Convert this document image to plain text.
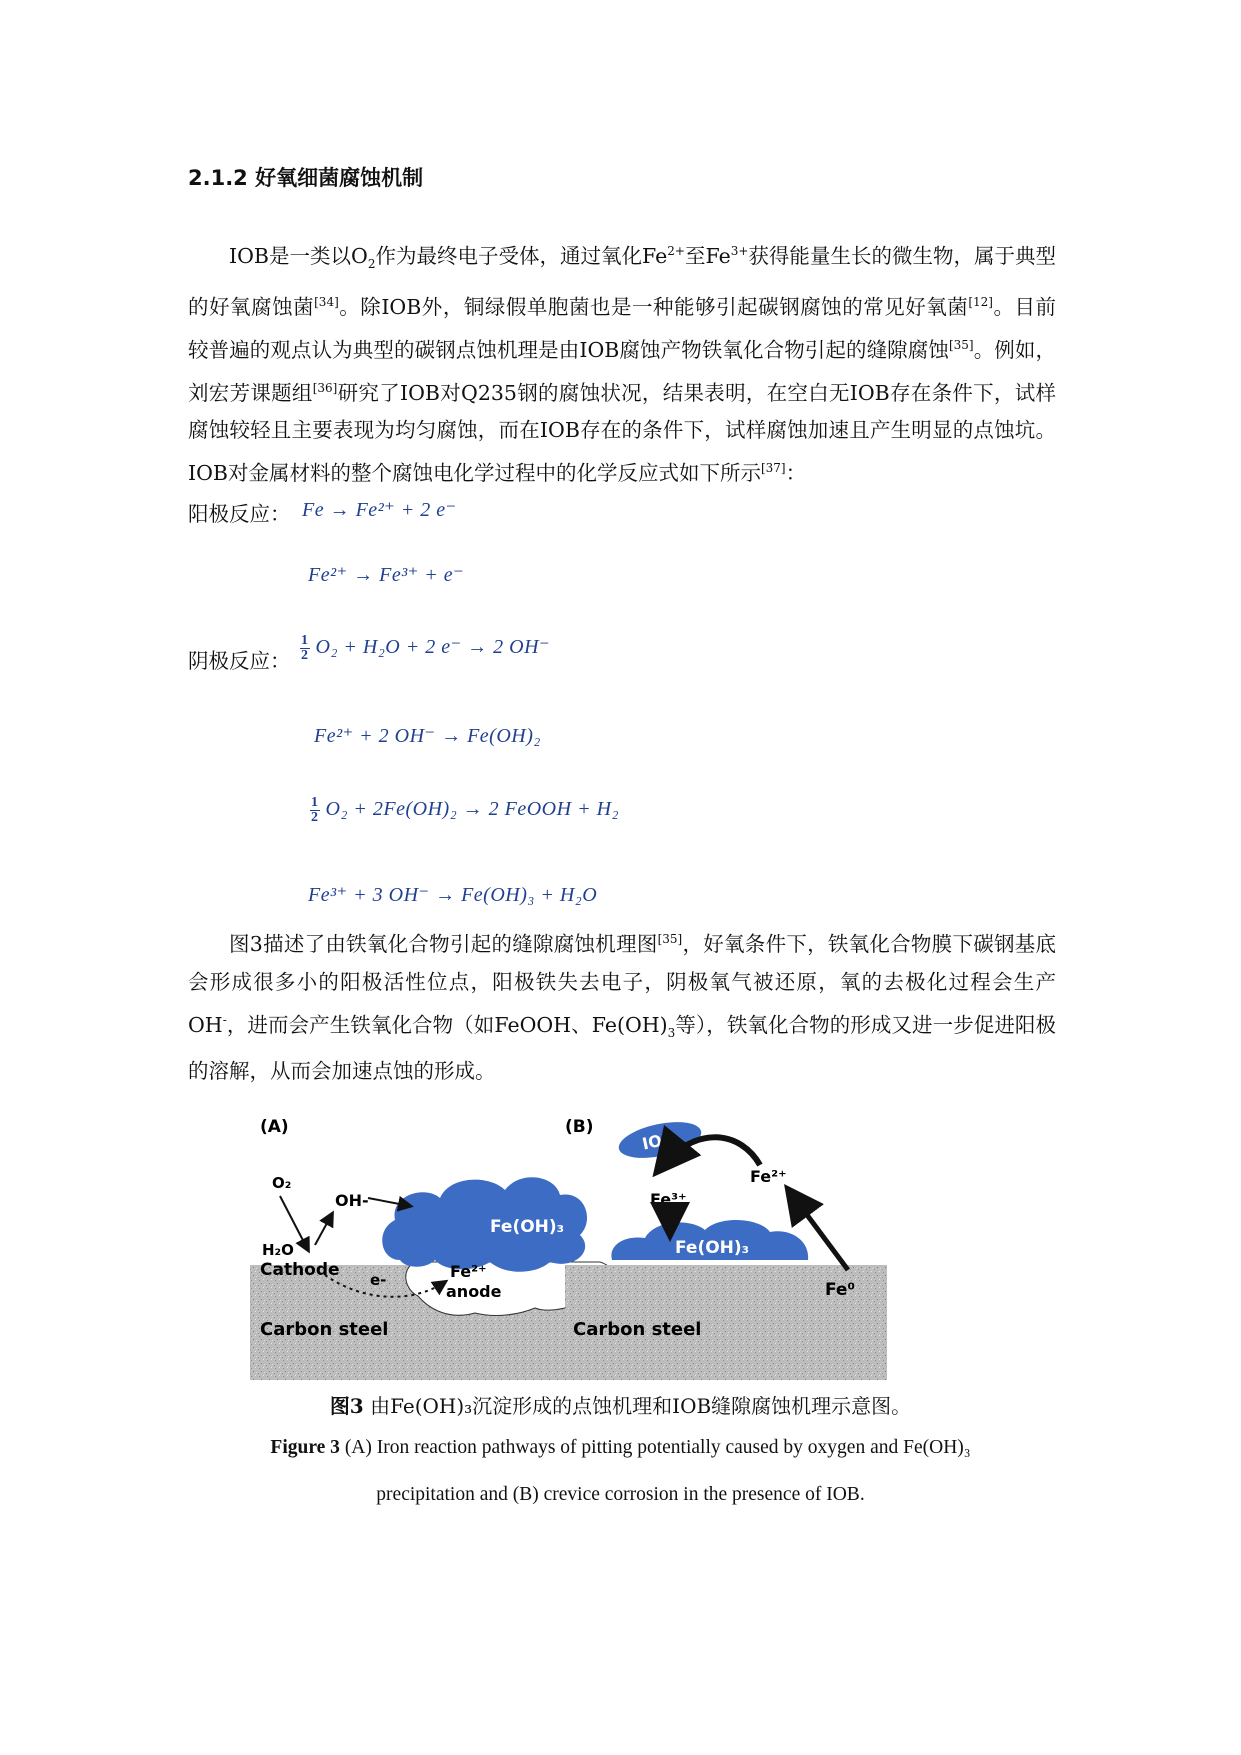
2.1.2 好氧细菌腐蚀机制
IOB是一类以$O_2$作为最终电子受体，通过氧化$Fe^{2+}$至$Fe^{3+}$获得能量生长的微生物，属于典型的好氧腐蚀菌[34]。除IOB外，铜绿假单胞菌也是一种能够引起碳钢腐蚀的常见好氧菌[12]。目前较普遍的观点认为典型的碳钢点蚀机理是由IOB腐蚀产物铁氧化合物引起的缝隙腐蚀[35]。例如，刘宏芳课题组[36]研究了IOB对Q235钢的腐蚀状况，结果表明，在空白无IOB存在条件下，试样腐蚀较轻且主要表现为均匀腐蚀，而在IOB存在的条件下，试样腐蚀加速且产生明显的点蚀坑。IOB对金属材料的整个腐蚀电化学过程中的化学反应式如下所示[37]：
阳极反应： Fe → Fe²⁺ + 2 e⁻
Fe²⁺ → Fe³⁺ + e⁻
阴极反应： $\frac{1}{2} O_2 + H_2O + 2$ e⁻ → 2 OH⁻
Fe²⁺ + 2 OH⁻ → Fe(OH)₂
$\frac{1}{2} O_2 + 2Fe(OH)_2 \to 2$ FeOOH + H₂
Fe³⁺ + 3 OH⁻ → Fe(OH)₃ + H₂O
图3描述了由铁氧化合物引起的缝隙腐蚀机理图[35]，好氧条件下，铁氧化合物膜下碳钢基底会形成很多小的阳极活性位点，阳极铁失去电子，阴极氧气被还原，氧的去极化过程会生产OH-，进而会产生铁氧化合物（如FeOOH、$Fe(OH)_3$等），铁氧化合物的形成又进一步促进阳极的溶解，从而会加速点蚀的形成。
(A)
Fe(OH)₃
O₂
OH-
H₂O
Cathode e-	Fe²⁺
anode
Carbon steel
(B)
IOB
Fe(OH)₃
Fe³⁺
Fe²⁺
Fe⁰
Carbon steel
图3 由Fe(OH)₃沉淀形成的点蚀机理和IOB缝隙腐蚀机理示意图。
Figure 3 (A) Iron reaction pathways of pitting potentially caused by oxygen and Fe(OH)₃
precipitation and (B) crevice corrosion in the presence of IOB.
